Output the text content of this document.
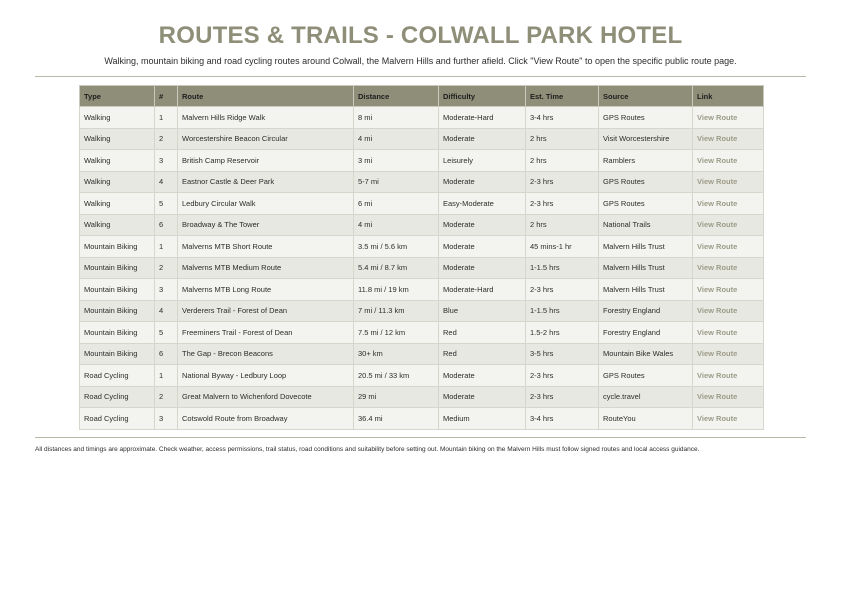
ROUTES & TRAILS - COLWALL PARK HOTEL
Walking, mountain biking and road cycling routes around Colwall, the Malvern Hills and further afield. Click "View Route" to open the specific public route page.
Type	#	Route	Distance	Difficulty	Est. Time	Source	Link
Walking	1	Malvern Hills Ridge Walk	8 mi	Moderate-Hard	3-4 hrs	GPS Routes	View Route
Walking	2	Worcestershire Beacon Circular	4 mi	Moderate	2 hrs	Visit Worcestershire	View Route
Walking	3	British Camp Reservoir	3 mi	Leisurely	2 hrs	Ramblers	View Route
Walking	4	Eastnor Castle & Deer Park	5-7 mi	Moderate	2-3 hrs	GPS Routes	View Route
Walking	5	Ledbury Circular Walk	6 mi	Easy-Moderate	2-3 hrs	GPS Routes	View Route
Walking	6	Broadway & The Tower	4 mi	Moderate	2 hrs	National Trails	View Route
Mountain Biking	1	Malverns MTB Short Route	3.5 mi / 5.6 km	Moderate	45 mins-1 hr	Malvern Hills Trust	View Route
Mountain Biking	2	Malverns MTB Medium Route	5.4 mi / 8.7 km	Moderate	1-1.5 hrs	Malvern Hills Trust	View Route
Mountain Biking	3	Malverns MTB Long Route	11.8 mi / 19 km	Moderate-Hard	2-3 hrs	Malvern Hills Trust	View Route
Mountain Biking	4	Verderers Trail - Forest of Dean	7 mi / 11.3 km	Blue	1-1.5 hrs	Forestry England	View Route
Mountain Biking	5	Freeminers Trail - Forest of Dean	7.5 mi / 12 km	Red	1.5-2 hrs	Forestry England	View Route
Mountain Biking	6	The Gap - Brecon Beacons	30+ km	Red	3-5 hrs	Mountain Bike Wales	View Route
Road Cycling	1	National Byway - Ledbury Loop	20.5 mi / 33 km	Moderate	2-3 hrs	GPS Routes	View Route
Road Cycling	2	Great Malvern to Wichenford Dovecote	29 mi	Moderate	2-3 hrs	cycle.travel	View Route
Road Cycling	3	Cotswold Route from Broadway	36.4 mi	Medium	3-4 hrs	RouteYou	View Route
All distances and timings are approximate. Check weather, access permissions, trail status, road conditions and suitability before setting out. Mountain biking on the Malvern Hills must follow signed routes and local access guidance.
